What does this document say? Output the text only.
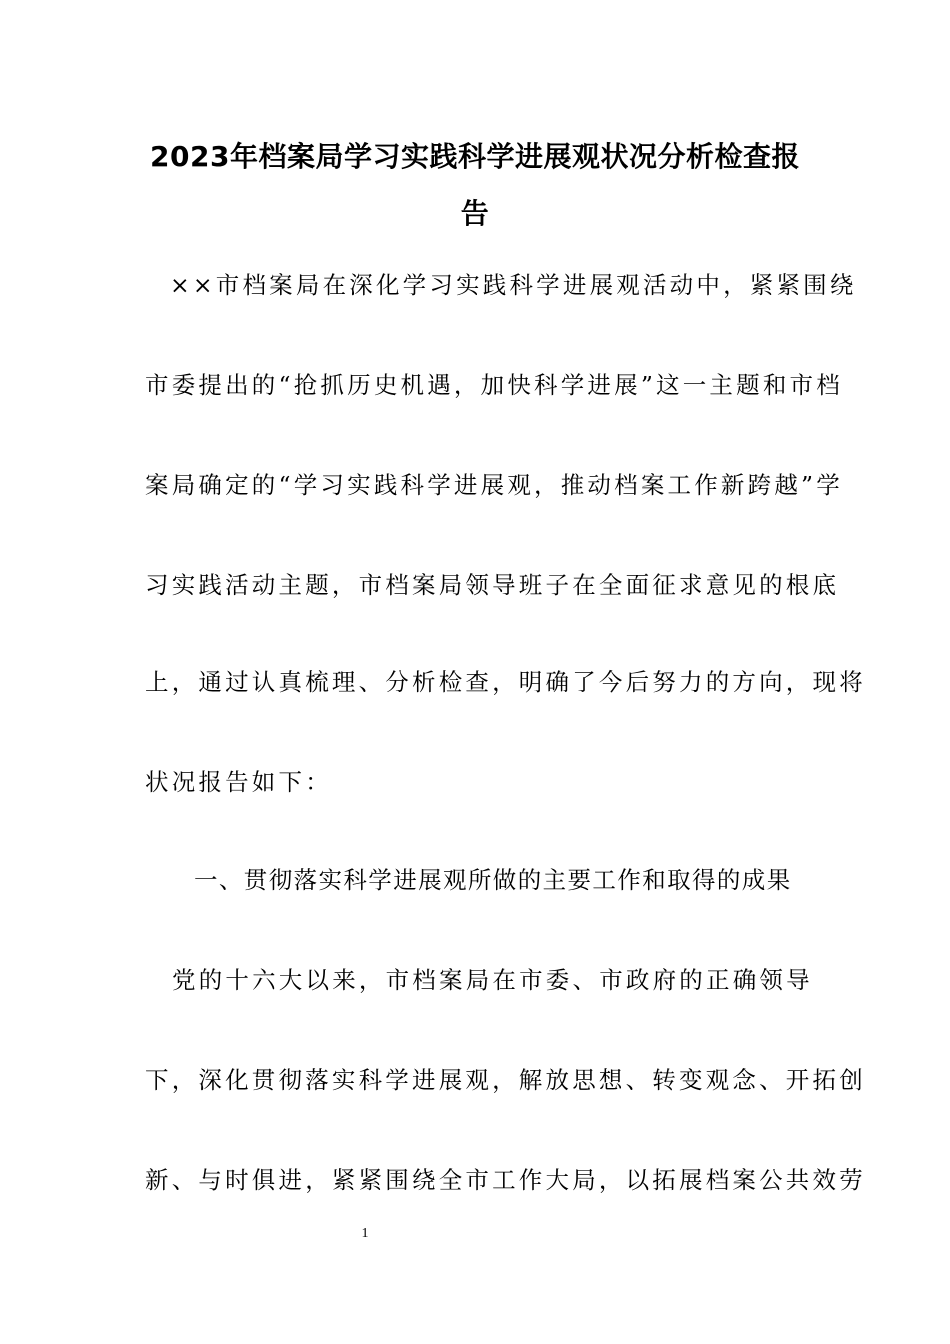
2023年档案局学习实践科学进展观状况分析检查报
告
××市档案局在深化学习实践科学进展观活动中，紧紧围绕
市委提出的“抢抓历史机遇，加快科学进展”这一主题和市档
案局确定的“学习实践科学进展观，推动档案工作新跨越”学
习实践活动主题，市档案局领导班子在全面征求意见的根底
上，通过认真梳理、分析检查，明确了今后努力的方向，现将
状况报告如下：
一、贯彻落实科学进展观所做的主要工作和取得的成果
党的十六大以来，市档案局在市委、市政府的正确领导
下，深化贯彻落实科学进展观，解放思想、转变观念、开拓创
新、与时俱进，紧紧围绕全市工作大局，以拓展档案公共效劳
1
